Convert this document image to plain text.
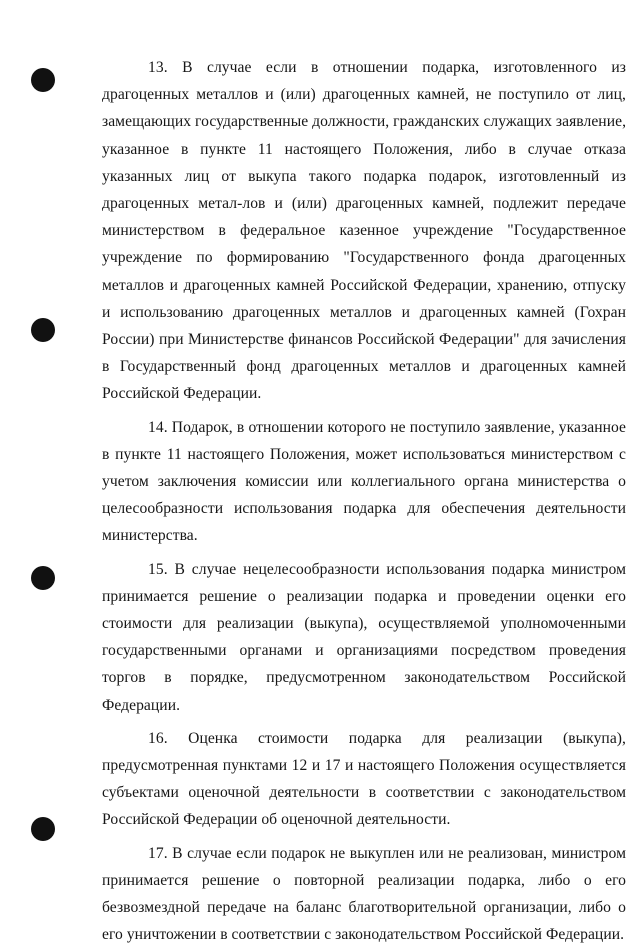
13. В случае если в отношении подарка, изготовленного из драгоценных металлов и (или) драгоценных камней, не поступило от лиц, замещающих государственные должности, гражданских служащих заявление, указанное в пункте 11 настоящего Положения, либо в случае отказа указанных лиц от выкупа такого подарка подарок, изготовленный из драгоценных метал-лов и (или) драгоценных камней, подлежит передаче министерством в федеральное казенное учреждение "Государственное учреждение по формированию "Государственного фонда драгоценных металлов и драгоценных камней Российской Федерации, хранению, отпуску и использованию драгоценных металлов и драгоценных камней (Гохран России) при Министерстве финансов Российской Федерации" для зачисления в Государственный фонд драгоценных металлов и драгоценных камней Российской Федерации.

14. Подарок, в отношении которого не поступило заявление, указанное в пункте 11 настоящего Положения, может использоваться министерством с учетом заключения комиссии или коллегиального органа министерства о целесообразности использования подарка для обеспечения деятельности министерства.

15. В случае нецелесообразности использования подарка министром принимается решение о реализации подарка и проведении оценки его стоимости для реализации (выкупа), осуществляемой уполномоченными государственными органами и организациями посредством проведения торгов в порядке, предусмотренном законодательством Российской Федерации.

16. Оценка стоимости подарка для реализации (выкупа), предусмотренная пунктами 12 и 17 и настоящего Положения осуществляется субъектами оценочной деятельности в соответствии с законодательством Российской Федерации об оценочной деятельности.

17. В случае если подарок не выкуплен или не реализован, министром принимается решение о повторной реализации подарка, либо о его безвозмездной передаче на баланс благотворительной организации, либо о его уничтожении в соответствии с законодательством Российской Федерации.
